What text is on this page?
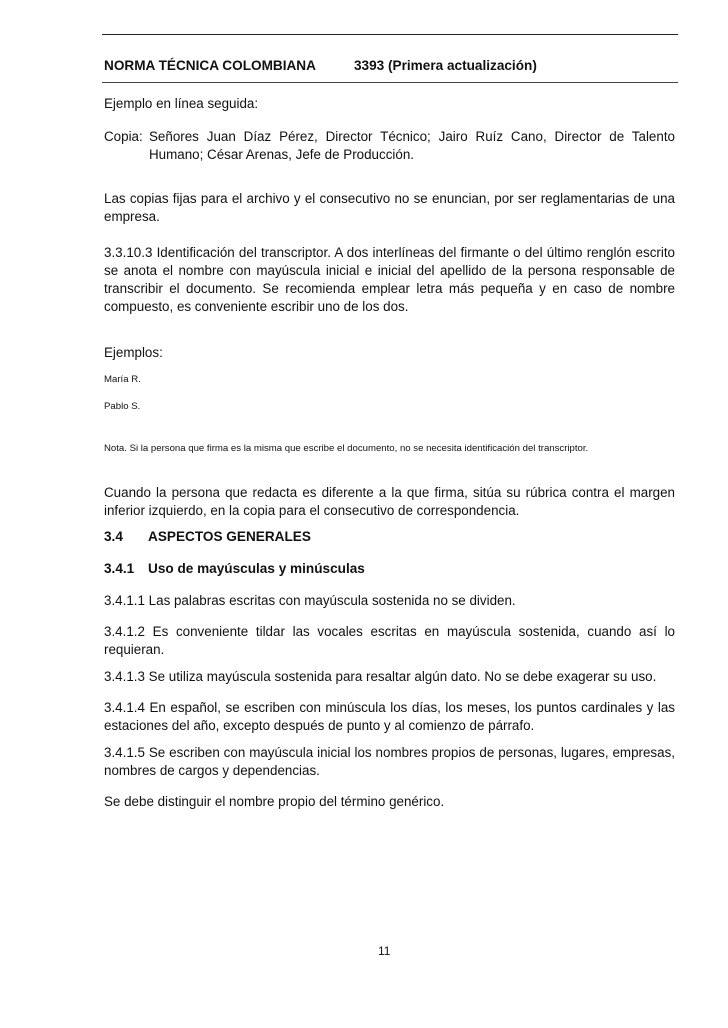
NORMA TÉCNICA COLOMBIANA	3393 (Primera actualización)
Ejemplo en línea seguida:
Copia: Señores Juan Díaz Pérez, Director Técnico; Jairo Ruíz Cano, Director de Talento
Humano; César Arenas, Jefe de Producción.
Las copias fijas para el archivo y el consecutivo no se enuncian, por ser reglamentarias de una empresa.
3.3.10.3 Identificación del transcriptor. A dos interlíneas del firmante o del último renglón escrito
se anota el nombre con mayúscula inicial e inicial del apellido de la persona responsable de
transcribir el documento. Se recomienda emplear letra más pequeña y en caso de nombre
compuesto, es conveniente escribir uno de los dos.
Ejemplos:
María R.
Pablo S.
Nota. Si la persona que firma es la misma que escribe el documento, no se necesita identificación del transcriptor.
Cuando la persona que redacta es diferente a la que firma, sitúa su rúbrica contra el margen inferior izquierdo, en la copia para el consecutivo de correspondencia.
3.4 ASPECTOS GENERALES
3.4.1 Uso de mayúsculas y minúsculas
3.4.1.1 Las palabras escritas con mayúscula sostenida no se dividen.
3.4.1.2 Es conveniente tildar las vocales escritas en mayúscula sostenida, cuando así lo requieran.
3.4.1.3 Se utiliza mayúscula sostenida para resaltar algún dato. No se debe exagerar su uso.
3.4.1.4 En español, se escriben con minúscula los días, los meses, los puntos cardinales y las estaciones del año, excepto después de punto y al comienzo de párrafo.
3.4.1.5 Se escriben con mayúscula inicial los nombres propios de personas, lugares, empresas, nombres de cargos y dependencias.
Se debe distinguir el nombre propio del término genérico.
11
